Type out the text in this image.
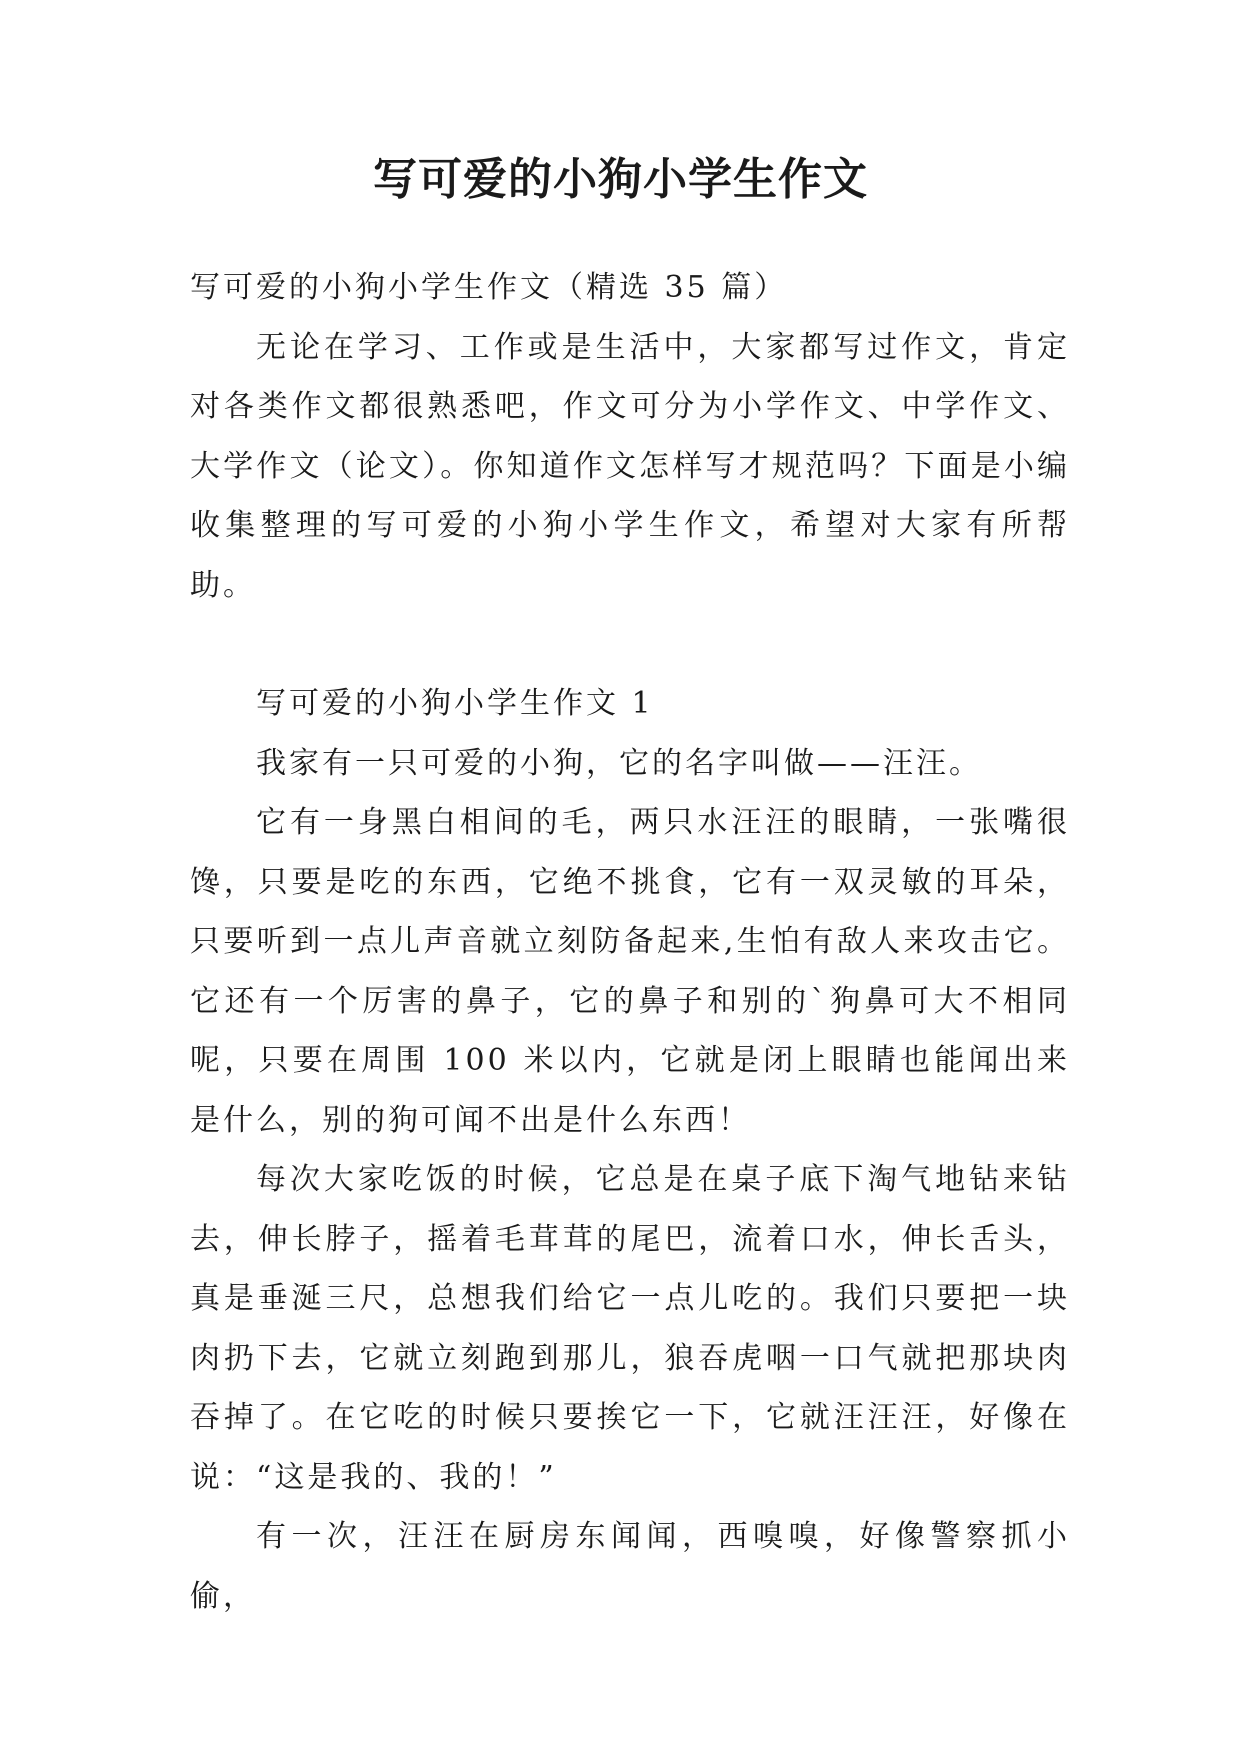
写可爱的小狗小学生作文

写可爱的小狗小学生作文（精选 35 篇）

无论在学习、工作或是生活中，大家都写过作文，肯定对各类作文都很熟悉吧，作文可分为小学作文、中学作文、大学作文（论文）。你知道作文怎样写才规范吗？下面是小编收集整理的写可爱的小狗小学生作文，希望对大家有所帮助。

写可爱的小狗小学生作文 1

我家有一只可爱的小狗，它的名字叫做——汪汪。

它有一身黑白相间的毛，两只水汪汪的眼睛，一张嘴很馋，只要是吃的东西，它绝不挑食，它有一双灵敏的耳朵，只要听到一点儿声音就立刻防备起来,生怕有敌人来攻击它。它还有一个厉害的鼻子，它的鼻子和别的`狗鼻可大不相同呢，只要在周围 100 米以内，它就是闭上眼睛也能闻出来是什么，别的狗可闻不出是什么东西！

每次大家吃饭的时候，它总是在桌子底下淘气地钻来钻去，伸长脖子，摇着毛茸茸的尾巴，流着口水，伸长舌头，真是垂涎三尺，总想我们给它一点儿吃的。我们只要把一块肉扔下去，它就立刻跑到那儿，狼吞虎咽一口气就把那块肉吞掉了。在它吃的时候只要挨它一下，它就汪汪汪，好像在说：“这是我的、我的！”

有一次，汪汪在厨房东闻闻，西嗅嗅，好像警察抓小偷，
